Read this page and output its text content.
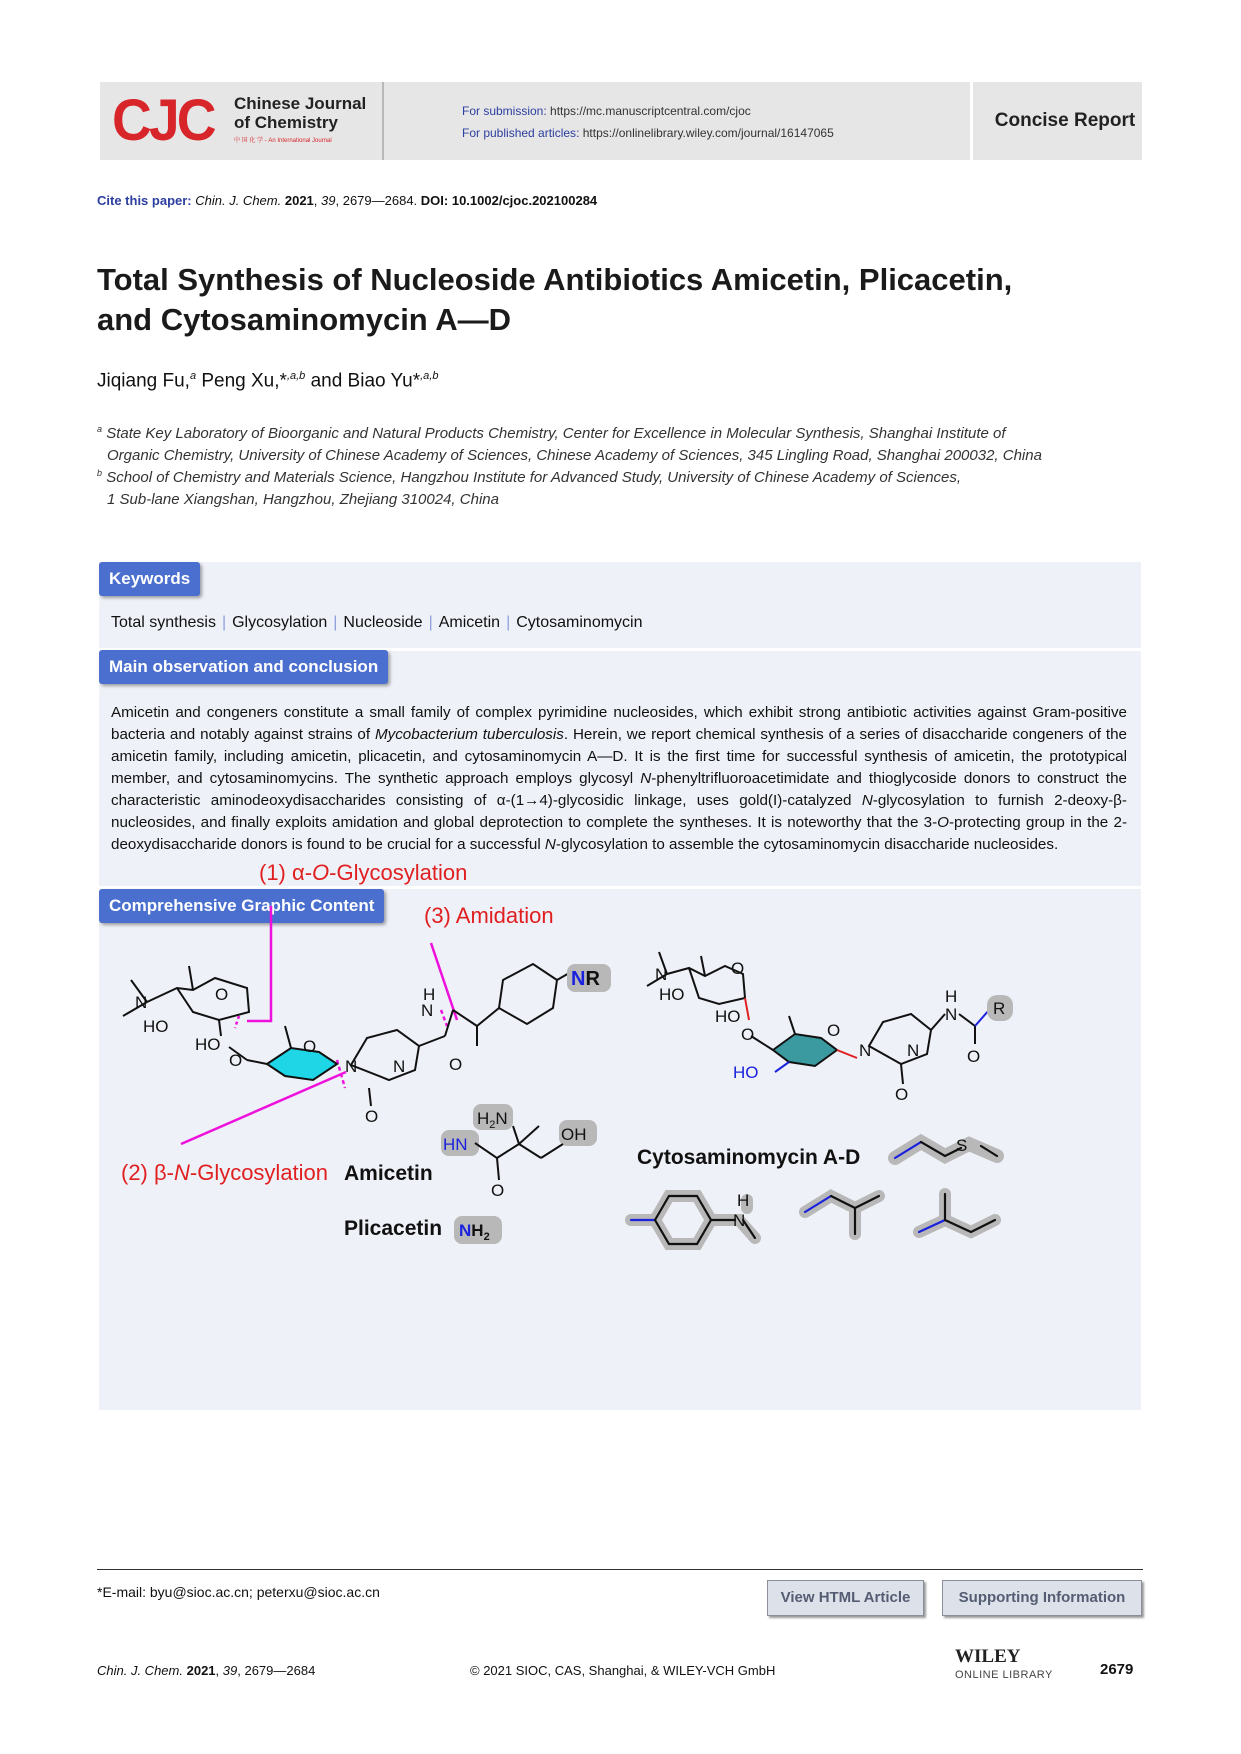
CJC Chinese Journal
of Chemistry
中 国 化 学 - An International Journal
For submission: https://mc.manuscriptcentral.com/cjoc
For published articles: https://onlinelibrary.wiley.com/journal/16147065
Concise Report
Cite this paper: Chin. J. Chem. 2021, 39, 2679—2684. DOI: 10.1002/cjoc.202100284
Total Synthesis of Nucleoside Antibiotics Amicetin, Plicacetin,
and Cytosaminomycin A—D
Jiqiang Fu,$^a$ Peng Xu,*$^{,a,b}$ and Biao Yu*$^{,a,b}$
$^a$ State Key Laboratory of Bioorganic and Natural Products Chemistry, Center for Excellence in Molecular Synthesis, Shanghai Institute of
Organic Chemistry, University of Chinese Academy of Sciences, Chinese Academy of Sciences, 345 Lingling Road, Shanghai 200032, China
$^b$ School of Chemistry and Materials Science, Hangzhou Institute for Advanced Study, University of Chinese Academy of Sciences,
1 Sub-lane Xiangshan, Hangzhou, Zhejiang 310024, China
Keywords
Total synthesis | Glycosylation | Nucleoside | Amicetin | Cytosaminomycin
Main observation and conclusion
Amicetin and congeners constitute a small family of complex pyrimidine nucleosides, which exhibit strong antibiotic activities against Gram-positive bacteria and notably against strains of Mycobacterium tuberculosis. Herein, we report chemical synthesis of a series of disaccharide congeners of the amicetin family, including amicetin, plicacetin, and cytosaminomycin A—D. It is the first time for successful synthesis of amicetin, the prototypical member, and cytosaminomycins. The synthetic approach employs glycosyl N-phenyltrifluoroacetimidate and thioglycoside donors to construct the characteristic aminodeoxydisaccharides consisting of α-(1→4)-glycosidic linkage, uses gold(I)-catalyzed N-glycosylation to furnish 2-deoxy-β-nucleosides, and finally exploits amidation and global deprotection to complete the syntheses. It is noteworthy that the 3-O-protecting group in the 2-deoxydisaccharide donors is found to be crucial for a successful N-glycosylation to assemble the cytosaminomycin disaccharide nucleosides.
Comprehensive Graphic Content
(1) α-O-Glycosylation
(3) Amidation
(2) β-N-Glycosylation
N
HO
O
HO
O
O
N N
O
N
H
O
NR
HN
$H_2N$
OH
O
Amicetin
Plicacetin $NH_2$
N
HO
O
HO
O	O
HO
N N
O
N
H
O
R
Cytosaminomycin A-D
S
N
H
*E-mail: byu@sioc.ac.cn; peterxu@sioc.ac.cn	View HTML Article	Supporting Information
Chin. J. Chem. 2021, 39, 2679—2684	© 2021 SIOC, CAS, Shanghai, & WILEY-VCH GmbH
WILEY
ONLINE LIBRARY	2679
